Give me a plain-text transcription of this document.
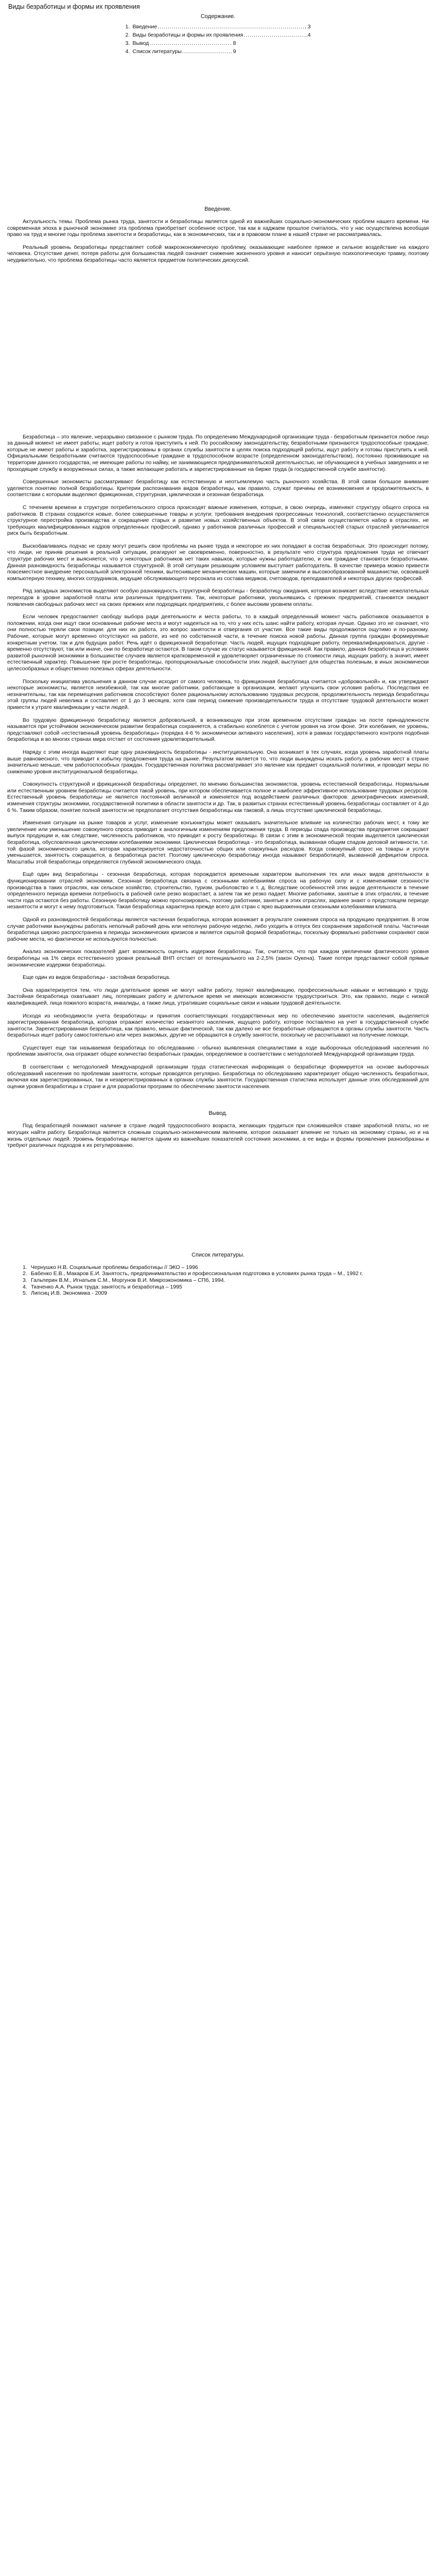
Виды безработицы и формы их проявления
Содержание.
1. Введение .....	3
2. Виды безработицы и формы их проявления .....	4
3. Вывод .....	8
4. Список литературы .....	9
Введение.

Актуальность темы. Проблема рынка труда, занятости и безработицы является одной из важнейших социально-экономических проблем нашего времени. Ни современная эпоха в рыночной экономике эта проблема приобретает особенное острое, так как в хаджаем прошлое считалось, что у нас осуществлена всеобщая право на труд и многие годы проблема занятости и безработицы, как в экономических, так и в правовом плане в нашей стране не рассматривалась.

Реальный уровень безработицы представляет собой макроэкономическую проблему, оказывающие наиболее прямое и сильное воздействие на каждого человека. Отсутствие денег, потеря работы для большинства людей означает снижение жизненного уровня и наносит серьёзную психологическую травму, поэтому неудивительно, что проблема безработицы часто является предметом политических дискуссий.

Безработица – это явление, неразрывно связанное с рынком труда. По определению Международной организации труда - безработным признается любое лицо за данный момент не имеет работы, ищет работу и готов приступить к ней. По российскому законодательству, безработными признаются трудоспособные граждане, которые не имеют работы и заработка, зарегистрированы в органах службы занятости в целях поиска подходящей работы, ищут работу и готовы приступить к ней. Официальными безработными считаются трудоспособные граждане в трудоспособном возрасте (определенном законодательством), постоянно проживающие на территории данного государства, не имеющие работы по найму, не занимающиеся предпринимательской деятельностью, не обучающиеся в учебных заведениях и не проходящие службу в вооруженных силах, а также желающие работать и зарегистрированные на бирже труда (в государственной службе занятости).

Совершенные экономисты рассматривают безработицу как естественную и неотъемлемую часть рыночного хозяйства. В этой связи большое внимание уделяется понятию полной безработицы. Критерии распознавания видов безработицы, как правило, служат причины ее возникновения и продолжительность, в соответствии с которыми выделяют фрикционная, структурная, циклическая и сезонная безработица.

С течением времени в структуре потребительского спроса происходят важные изменения, которые, в свою очередь, изменяют структуру общего спроса на работников. В странах создаются новые, более совершенные товары и услуги; требования внедрения прогрессивных технологий, соответственно осуществляется структурное перестройка производства и сокращение старых и развитие новых хозяйственных объектов. В этой связи осуществляется набор в отраслях, не требующих квалифицированных кадров определенных профессий, однако у работников различных профессий и специальностей старых отраслей увеличивается риск быть безработным.

Выскобавливаясь подчас не сразу могут решить свои проблемы на рынке труда и некоторое их них попадают в состав безработных. Это происходит потому, что люди, не приняв решения в реальной ситуации, реагируют не своевременно, поверхностно, в результате чего структура предложения труда не отвечает структуре рабочих мест и выясняется, что у некоторых работников нет таких навыков, которые нужны работодателю, и они граждане становятся безработными. Данная разновидность безработицы называется структурной. В этой ситуации решающим условием выступает работодатель. В качестве примера можно привести повсеместное внедрение персональной электронной техники, вытеснившее механических машин, которые заменили и высокообразованной машинистки, освоившей компьютерную технику, многих сотрудников, ведущие обслуживающего персонала из состава медиков, счетоводов, преподавателей и некоторых других профессий.

Ряд западных экономистов выделяют особую разновидность структурной безработицы - безработицу ожидания, которая возникает вследствие нежелательных переходов в уровне заработной платы или различных предприятиях. Так, некоторые работники, увольнявшись с прежних предприятий, становятся ожидают появления свободных рабочих мест на своих прежних или подходящих предприятиях, с более высоким уровнем оплаты.

Если человек предоставляет свободу выбора ради деятельности и места работы, то в каждый определенный момент часть работников оказывается в положении, когда они ищут свои основанные рабочие места и могут надеяться на то, что у них есть шанс найти работу, которая лучше. Однако это не означает, что они полностью теряли свои позиции: для них их работа, это вопрос занятости и отвергания от участия. Все такие виды продолжаются ощутимо и по-разному. Рабочие, которые могут временно отсутствуют на работе, из неё по собственной части, в течение поиска новой работы. Данная группа граждан формируемые конкретным учетом, так и для будущих работ. Речь идёт о фрикционной безработице. Часть людей, ищущих подходящие работу, переквалифицироваться, другие - временно отсутствуют, так или иначе, они по безработице остаются. В таком случае их статус называется фрикционной. Как правило, данная безработица в условиях развитой рыночной экономики в большинстве случаев является кратковременной и удовлетворяет ограниченные по стоимости лица, ищущих работу, а значит, имеет естественный характер. Повышение при росте безработицы, пропорциональные способности этих людей, выступает для общества полезным, в иных экономически целесообразных и общественно полезных сферах деятельности.

Поскольку инициатива увольнения в данном случае исходит от самого человека, то фрикционная безработица считается «добровольной» и, как утверждают некоторые экономисты, является неизбежной, так как многие работники, работающие в организации, желают улучшить свои условия работы. Последствия ее незначительны, так как перемещения работников способствуют более рациональному использованию трудовых ресурсов, продолжительность периода безработицы этой группы людей невелика и составляет от 1 до 3 месяцев, хотя сам период снижение производительности труда и отсутствие трудовой деятельности может привести к утрате квалификации у части людей.

Во трудовую фрикционную безработицу является добровольной, в возникающую при этом временном отсутствии граждан на посте принадлежности называется при устойчивом экономическом развитии безработица сохраняется, а стабильно колеблется с учетом уровня на этом фоне. Эти колебания, ее уровень, представляют собой «естественный уровень безработицы» (порядка 4-6 % экономически активного населения), хотя в рамках государственного контроля подобная безработица и во многих странах мира отстает от состояния удовлетворительный.

Наряду с этим иногда выделяют еще одну разновидность безработицы - институциональную. Она возникает в тех случаях, когда уровень заработной платы выше равновесного, что приводит к избытку предложения труда на рынке. Результатом является то, что люди вынуждены искать работу, а рабочих мест в стране значительно меньше, чем работоспособных граждан. Государственная политика рассматривает это явление как предмет социальной политики, и проводит меры по снижению уровня институциональной безработицы.

Совокупность структурной и фрикционной безработицы определяет, по мнению большинства экономистов, уровень естественной безработицы. Нормальным или естественным уровнем безработицы считается такой уровень, при котором обеспечивается полное и наиболее эффективное использование трудовых ресурсов. Естественный уровень безработицы не является постоянной величиной и изменяется под воздействием различных факторов: демографических изменений, изменения структуры экономики, государственной политики в области занятости и др. Так, в развитых странах естественный уровень безработицы составляет от 4 до 6 %. Таким образом, понятие полной занятости не предполагает отсутствия безработицы как таковой, а лишь отсутствие циклической безработицы.

Изменения ситуации на рынке товаров и услуг, изменение конъюнктуры может оказывать значительное влияние на количество рабочих мест, к тому же увеличение или уменьшение совокупного спроса приводит к аналогичным изменениям предложения труда. В периоды спада производства предприятия сокращают выпуск продукции и, как следствие, численность работников, что приводит к росту безработицы. В связи с этим в экономической теории выделяется циклическая безработица, обусловленная циклическими колебаниями экономики. Циклическая безработица - это безработица, вызванная общим спадом деловой активности, т.е. той фазой экономического цикла, которая характеризуется недостаточностью общих или совокупных расходов. Когда совокупный спрос на товары и услуги уменьшается, занятость сокращается, а безработица растет. Поэтому циклическую безработицу иногда называют безработицей, вызванной дефицитом спроса. Масштабы этой безработицы определяются глубиной экономического спада.

Ещё один вид безработицы - сезонная безработица, которая порождается временным характером выполнения тех или иных видов деятельности в функционировании отраслей экономики. Сезонная безработица связана с сезонными колебаниями спроса на рабочую силу и с изменениями сезонности производства в таких отраслях, как сельское хозяйство, строительство, туризм, рыболовство и т. д. Вследствие особенностей этих видов деятельности в течение определенного периода времени потребность в рабочей силе резко возрастает, а затем так же резко падает. Многие работники, занятые в этих отраслях, в течение части года остаются без работы. Сезонную безработицу можно прогнозировать, поэтому работники, занятые в этих отраслях, заранее знают о предстоящем периоде незанятости и могут к нему подготовиться. Такая безработица характерна прежде всего для стран с ярко выраженными сезонными колебаниями климата.

Одной из разновидностей безработицы является частичная безработица, которая возникает в результате снижения спроса на продукцию предприятия. В этом случае работники вынуждены работать неполный рабочий день или неполную рабочую неделю, либо уходить в отпуск без сохранения заработной платы. Частичная безработица широко распространена в периоды экономических кризисов и является скрытой формой безработицы, поскольку формально работники сохраняют свои рабочие места, но фактически не используются полностью.

Анализ экономических показателей дает возможность оценить издержки безработицы. Так, считается, что при каждом увеличении фактического уровня безработицы на 1% сверх естественного уровня реальный ВНП отстает от потенциального на 2-2,5% (закон Оукена). Такие потери представляют собой прямые экономические издержки безработицы.

Еще один из видов безработицы - застойная безработица.

Она характеризуется тем, что люди длительное время не могут найти работу, теряют квалификацию, профессиональные навыки и мотивацию к труду. Застойная безработица охватывает лиц, потерявших работу и длительное время не имеющих возможности трудоустроиться. Это, как правило, люди с низкой квалификацией, лица пожилого возраста, инвалиды, а также лица, утратившие социальные связи и навыки трудовой деятельности.

Исходя из необходимости учета безработицы и принятия соответствующих государственных мер по обеспечению занятости населения, выделяется зарегистрированная безработица, которая отражает количество незанятого населения, ищущего работу, которое поставлено на учет в государственной службе занятости. Зарегистрированная безработица, как правило, меньше фактической, так как далеко не все безработные обращаются в органы службы занятости. Часть безработных ищет работу самостоятельно или через знакомых, другие не обращаются в службу занятости, поскольку не рассчитывают на получение помощи.

Существует еще так называемая безработица по обследованию - обычно выявленная специалистами в ходе выборочных обследований населения по проблемам занятости, она отражает общее количество безработных граждан, определяемое в соответствии с методологией Международной организации труда.

В соответствии с методологией Международной организации труда статистическая информация о безработице формируется на основе выборочных обследований населения по проблемам занятости, которые проводятся регулярно. Безработица по обследованию характеризует общую численность безработных, включая как зарегистрированных, так и незарегистрированных в органах службы занятости. Государственная статистика использует данные этих обследований для оценки уровня безработицы в стране и для разработки программ по обеспечению занятости населения.

Вывод.

Под безработицей понимают наличие в стране людей трудоспособного возраста, желающих трудиться при сложившейся ставке заработной платы, но не могущих найти работу. Безработица является сложным социально-экономическим явлением, которое оказывает влияние не только на экономику страны, но и на жизнь отдельных людей. Уровень безработицы является одним из важнейших показателей состояния экономики, а ее виды и формы проявления разнообразны и требуют различных подходов к их регулированию.

Список литературы.
1. Чернушко Н.В. Социальные проблемы безработицы // ЭКО – 1996
2. Бабенко Е.В., Макаров Е.И. Занятость, предпринимательство и профессиональная подготовка в условиях рынка труда – М., 1992 г.
3. Гальперин В.М., Игнатьев С.М., Моргунов В.И. Микроэкономика – СПб, 1994.
4. Ткаченко А.А. Рынок труда: занятость и безработица – 1995
5. Липсиц И.В. Экономика - 2009
